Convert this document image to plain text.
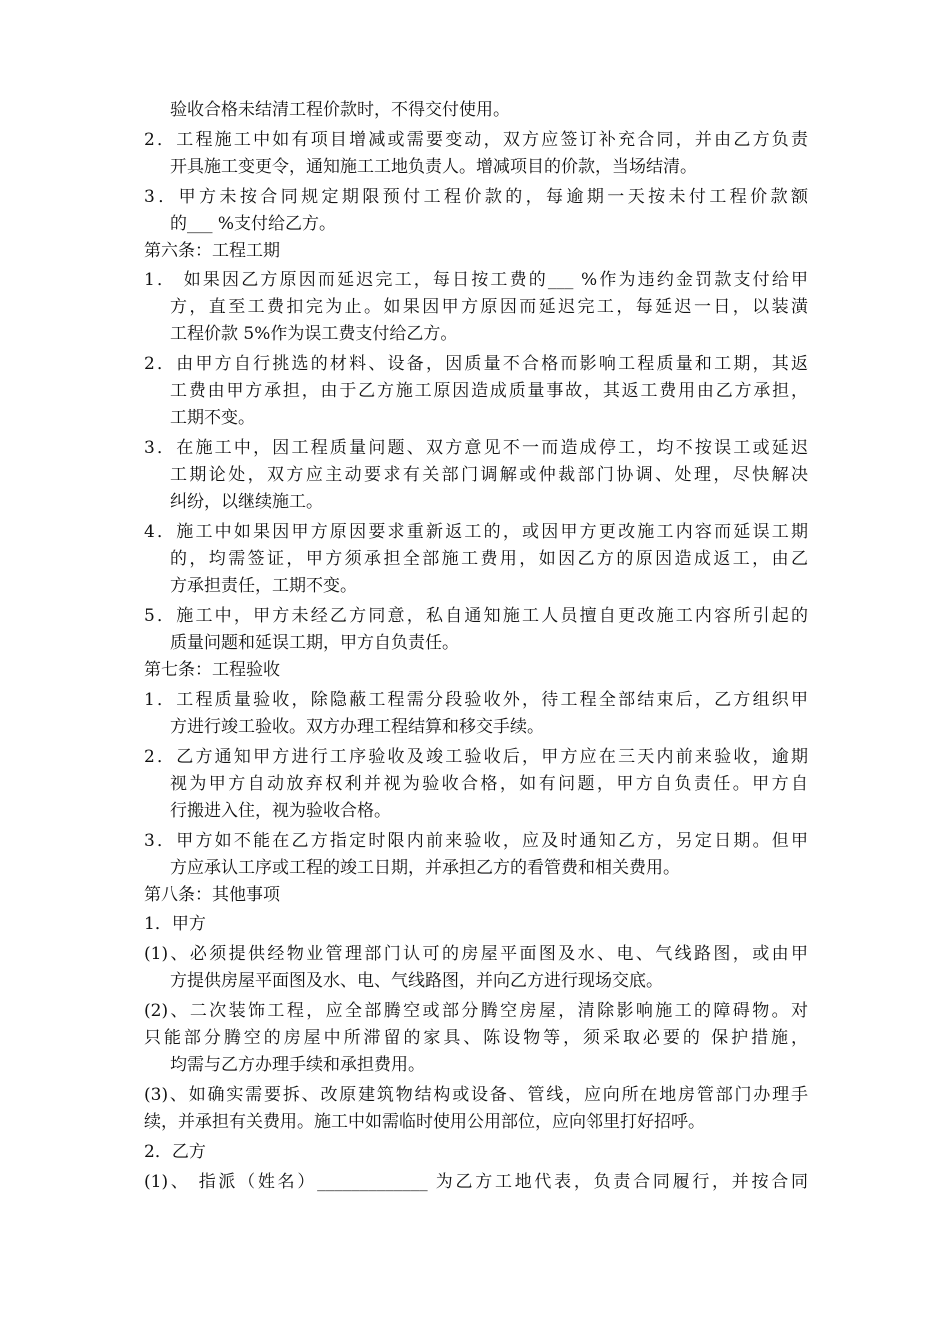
验收合格未结清工程价款时，不得交付使用。
2．工程施工中如有项目增减或需要变动，双方应签订补充合同，并由乙方负责
开具施工变更令，通知施工工地负责人。增减项目的价款，当场结清。
3．甲方未按合同规定期限预付工程价款的，每逾期一天按未付工程价款额
的___ %支付给乙方。
第六条：工程工期
1． 如果因乙方原因而延迟完工，每日按工费的___ %作为违约金罚款支付给甲
方，直至工费扣完为止。如果因甲方原因而延迟完工，每延迟一日，以装潢
工程价款 5%作为误工费支付给乙方。
2．由甲方自行挑选的材料、设备，因质量不合格而影响工程质量和工期，其返
工费由甲方承担，由于乙方施工原因造成质量事故，其返工费用由乙方承担，
工期不变。
3．在施工中，因工程质量问题、双方意见不一而造成停工，均不按误工或延迟
工期论处，双方应主动要求有关部门调解或仲裁部门协调、处理，尽快解决
纠纷，以继续施工。
4．施工中如果因甲方原因要求重新返工的，或因甲方更改施工内容而延误工期
的，均需签证，甲方须承担全部施工费用，如因乙方的原因造成返工，由乙
方承担责任，工期不变。
5．施工中，甲方未经乙方同意，私自通知施工人员擅自更改施工内容所引起的
质量问题和延误工期，甲方自负责任。
第七条：工程验收
1．工程质量验收，除隐蔽工程需分段验收外，待工程全部结束后，乙方组织甲
方进行竣工验收。双方办理工程结算和移交手续。
2．乙方通知甲方进行工序验收及竣工验收后，甲方应在三天内前来验收，逾期
视为甲方自动放弃权利并视为验收合格，如有问题，甲方自负责任。甲方自
行搬进入住，视为验收合格。
3．甲方如不能在乙方指定时限内前来验收，应及时通知乙方，另定日期。但甲
方应承认工序或工程的竣工日期，并承担乙方的看管费和相关费用。
第八条：其他事项
1．甲方
(1)、必须提供经物业管理部门认可的房屋平面图及水、电、气线路图，或由甲
方提供房屋平面图及水、电、气线路图，并向乙方进行现场交底。
(2)、二次装饰工程，应全部腾空或部分腾空房屋，清除影响施工的障碍物。对
只能部分腾空的房屋中所滞留的家具、陈设物等，须采取必要的 保护措施，
均需与乙方办理手续和承担费用。
(3)、如确实需要拆、改原建筑物结构或设备、管线，应向所在地房管部门办理手
续，并承担有关费用。施工中如需临时使用公用部位，应向邻里打好招呼。
2．乙方
(1)、 指派（姓名）_____________ 为乙方工地代表，负责合同履行，并按合同
